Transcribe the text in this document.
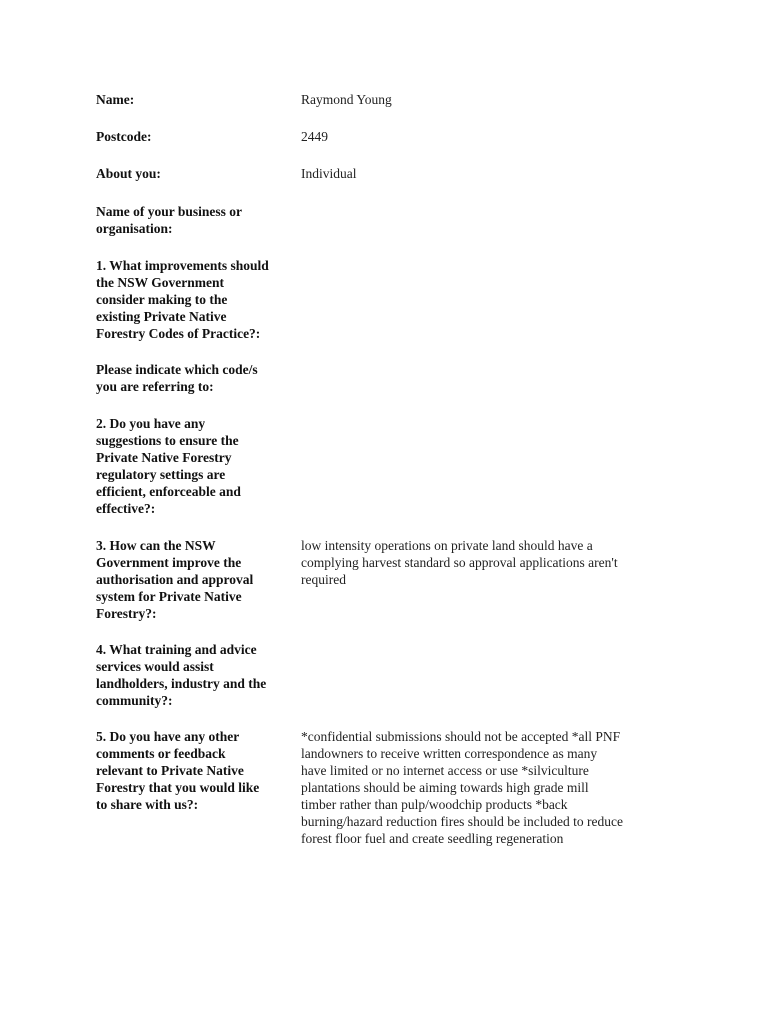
Name:	Raymond Young
Postcode:	2449
About you:	Individual
Name of your business or
organisation:
1. What improvements should
the NSW Government
consider making to the
existing Private Native
Forestry Codes of Practice?:
Please indicate which code/s
you are referring to:
2. Do you have any
suggestions to ensure the
Private Native Forestry
regulatory settings are
efficient, enforceable and
effective?:
3. How can the NSW
Government improve the
authorisation and approval
system for Private Native
Forestry?:
low intensity operations on private land should have a
complying harvest standard so approval applications aren't
required
4. What training and advice
services would assist
landholders, industry and the
community?:
5. Do you have any other
comments or feedback
relevant to Private Native
Forestry that you would like
to share with us?:
*confidential submissions should not be accepted *all PNF
landowners to receive written correspondence as many
have limited or no internet access or use *silviculture
plantations should be aiming towards high grade mill
timber rather than pulp/woodchip products *back
burning/hazard reduction fires should be included to reduce
forest floor fuel and create seedling regeneration
